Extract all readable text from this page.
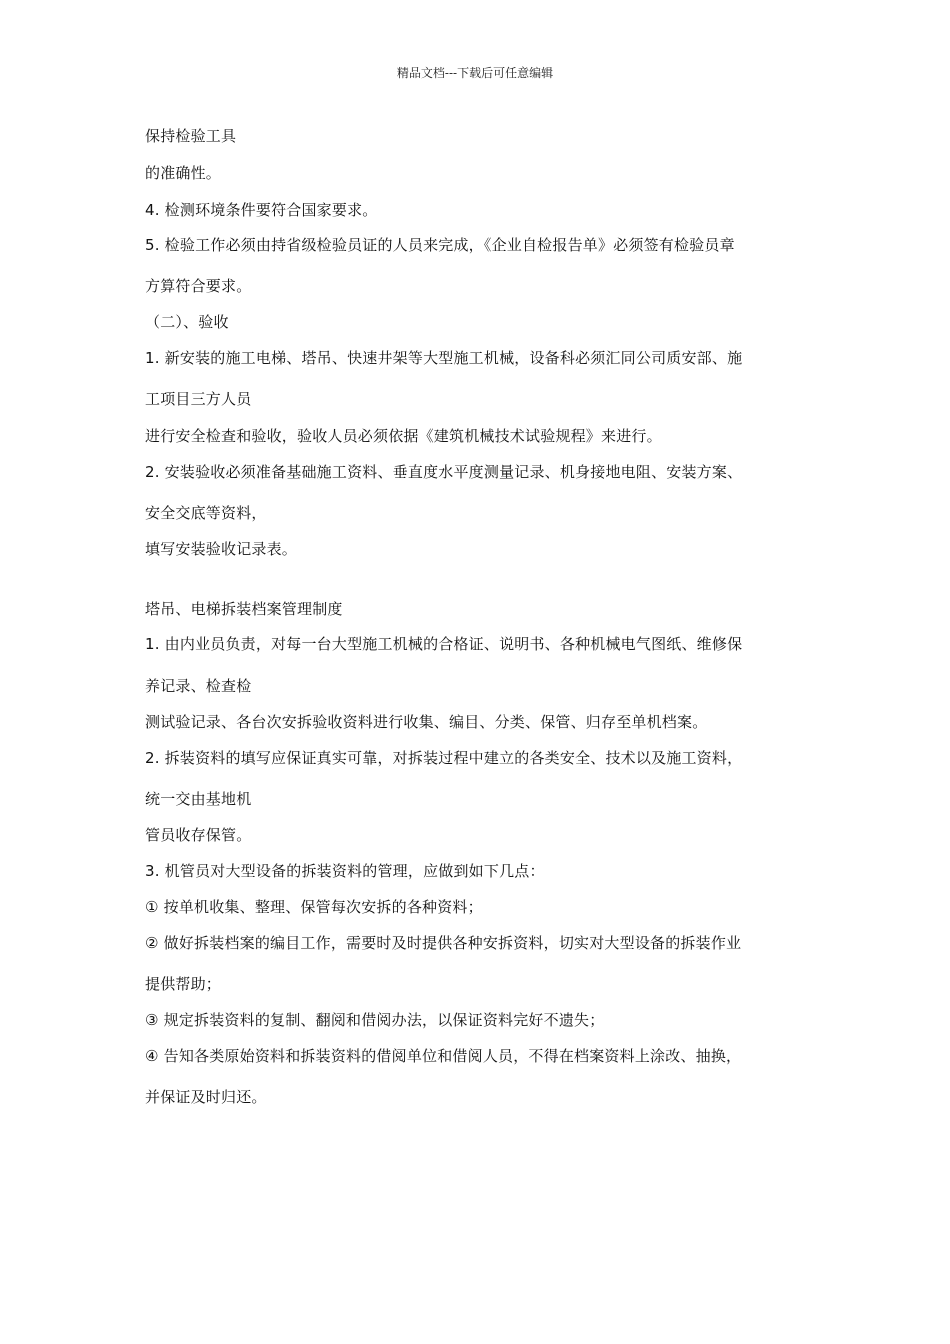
精品文档---下载后可任意编辑
保持检验工具
的准确性。
4. 检测环境条件要符合国家要求。
5. 检验工作必须由持省级检验员证的人员来完成，《企业自检报告单》必须签有检验员章
方算符合要求。
（二）、验收
1. 新安装的施工电梯、塔吊、快速井架等大型施工机械，设备科必须汇同公司质安部、施
工项目三方人员
进行安全检查和验收，验收人员必须依据《建筑机械技术试验规程》来进行。
2. 安装验收必须准备基础施工资料、垂直度水平度测量记录、机身接地电阻、安装方案、
安全交底等资料，
填写安装验收记录表。
塔吊、电梯拆装档案管理制度
1. 由内业员负责，对每一台大型施工机械的合格证、说明书、各种机械电气图纸、维修保
养记录、检查检
测试验记录、各台次安拆验收资料进行收集、编目、分类、保管、归存至单机档案。
2. 拆装资料的填写应保证真实可靠，对拆装过程中建立的各类安全、技术以及施工资料，
统一交由基地机
管员收存保管。
3. 机管员对大型设备的拆装资料的管理，应做到如下几点：
① 按单机收集、整理、保管每次安拆的各种资料；
② 做好拆装档案的编目工作，需要时及时提供各种安拆资料，切实对大型设备的拆装作业
提供帮助；
③ 规定拆装资料的复制、翻阅和借阅办法，以保证资料完好不遗失；
④ 告知各类原始资料和拆装资料的借阅单位和借阅人员，不得在档案资料上涂改、抽换，
并保证及时归还。
